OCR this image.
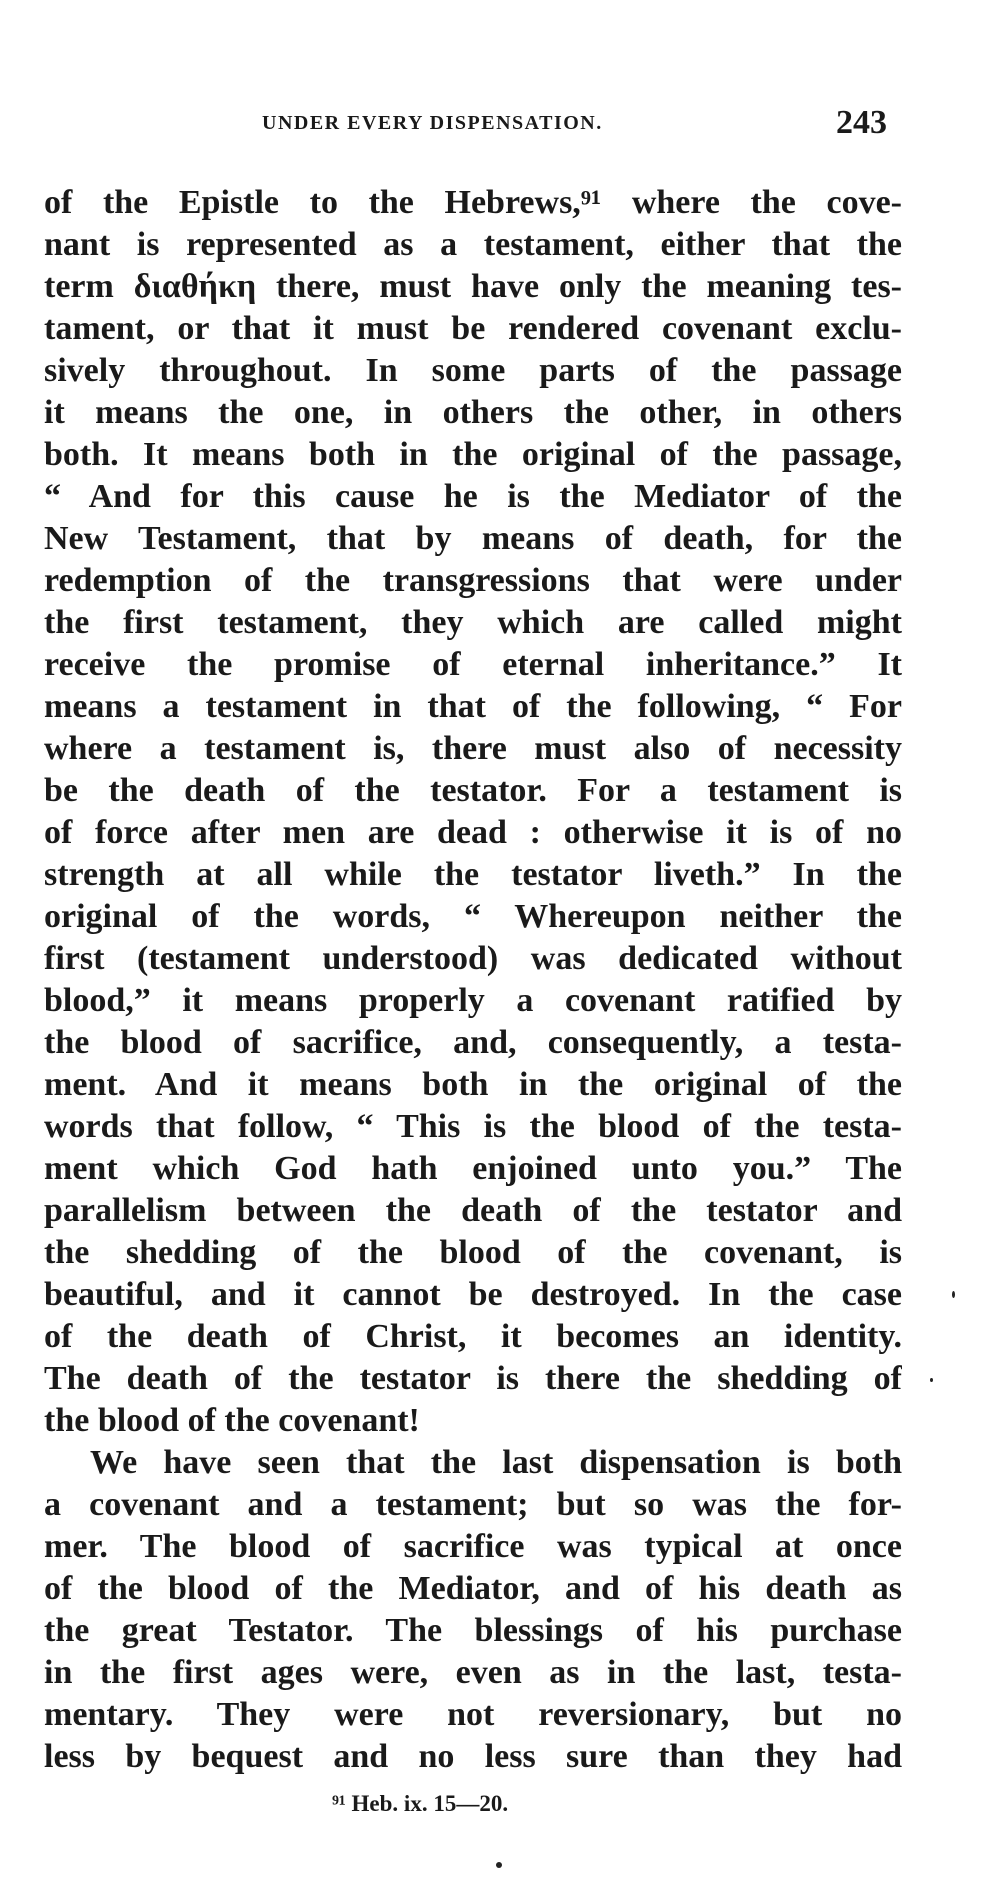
UNDER EVERY DISPENSATION.	243
of the Epistle to the Hebrews,⁹¹ where the cove-
nant is represented as a testament, either that the
term διαθήκη there, must have only the meaning tes-
tament, or that it must be rendered covenant exclu-
sively throughout. In some parts of the passage
it means the one, in others the other, in others
both. It means both in the original of the passage,
“ And for this cause he is the Mediator of the
New Testament, that by means of death, for the
redemption of the transgressions that were under
the first testament, they which are called might
receive the promise of eternal inheritance.” It
means a testament in that of the following, “ For
where a testament is, there must also of necessity
be the death of the testator. For a testament is
of force after men are dead : otherwise it is of no
strength at all while the testator liveth.” In the
original of the words, “ Whereupon neither the
first (testament understood) was dedicated without
blood,” it means properly a covenant ratified by
the blood of sacrifice, and, consequently, a testa-
ment. And it means both in the original of the
words that follow, “ This is the blood of the testa-
ment which God hath enjoined unto you.” The
parallelism between the death of the testator and
the shedding of the blood of the covenant, is
beautiful, and it cannot be destroyed. In the case
of the death of Christ, it becomes an identity.
The death of the testator is there the shedding of
the blood of the covenant!
We have seen that the last dispensation is both
a covenant and a testament; but so was the for-
mer. The blood of sacrifice was typical at once
of the blood of the Mediator, and of his death as
the great Testator. The blessings of his purchase
in the first ages were, even as in the last, testa-
mentary. They were not reversionary, but no
less by bequest and no less sure than they had
⁹¹ Heb. ix. 15—20.
